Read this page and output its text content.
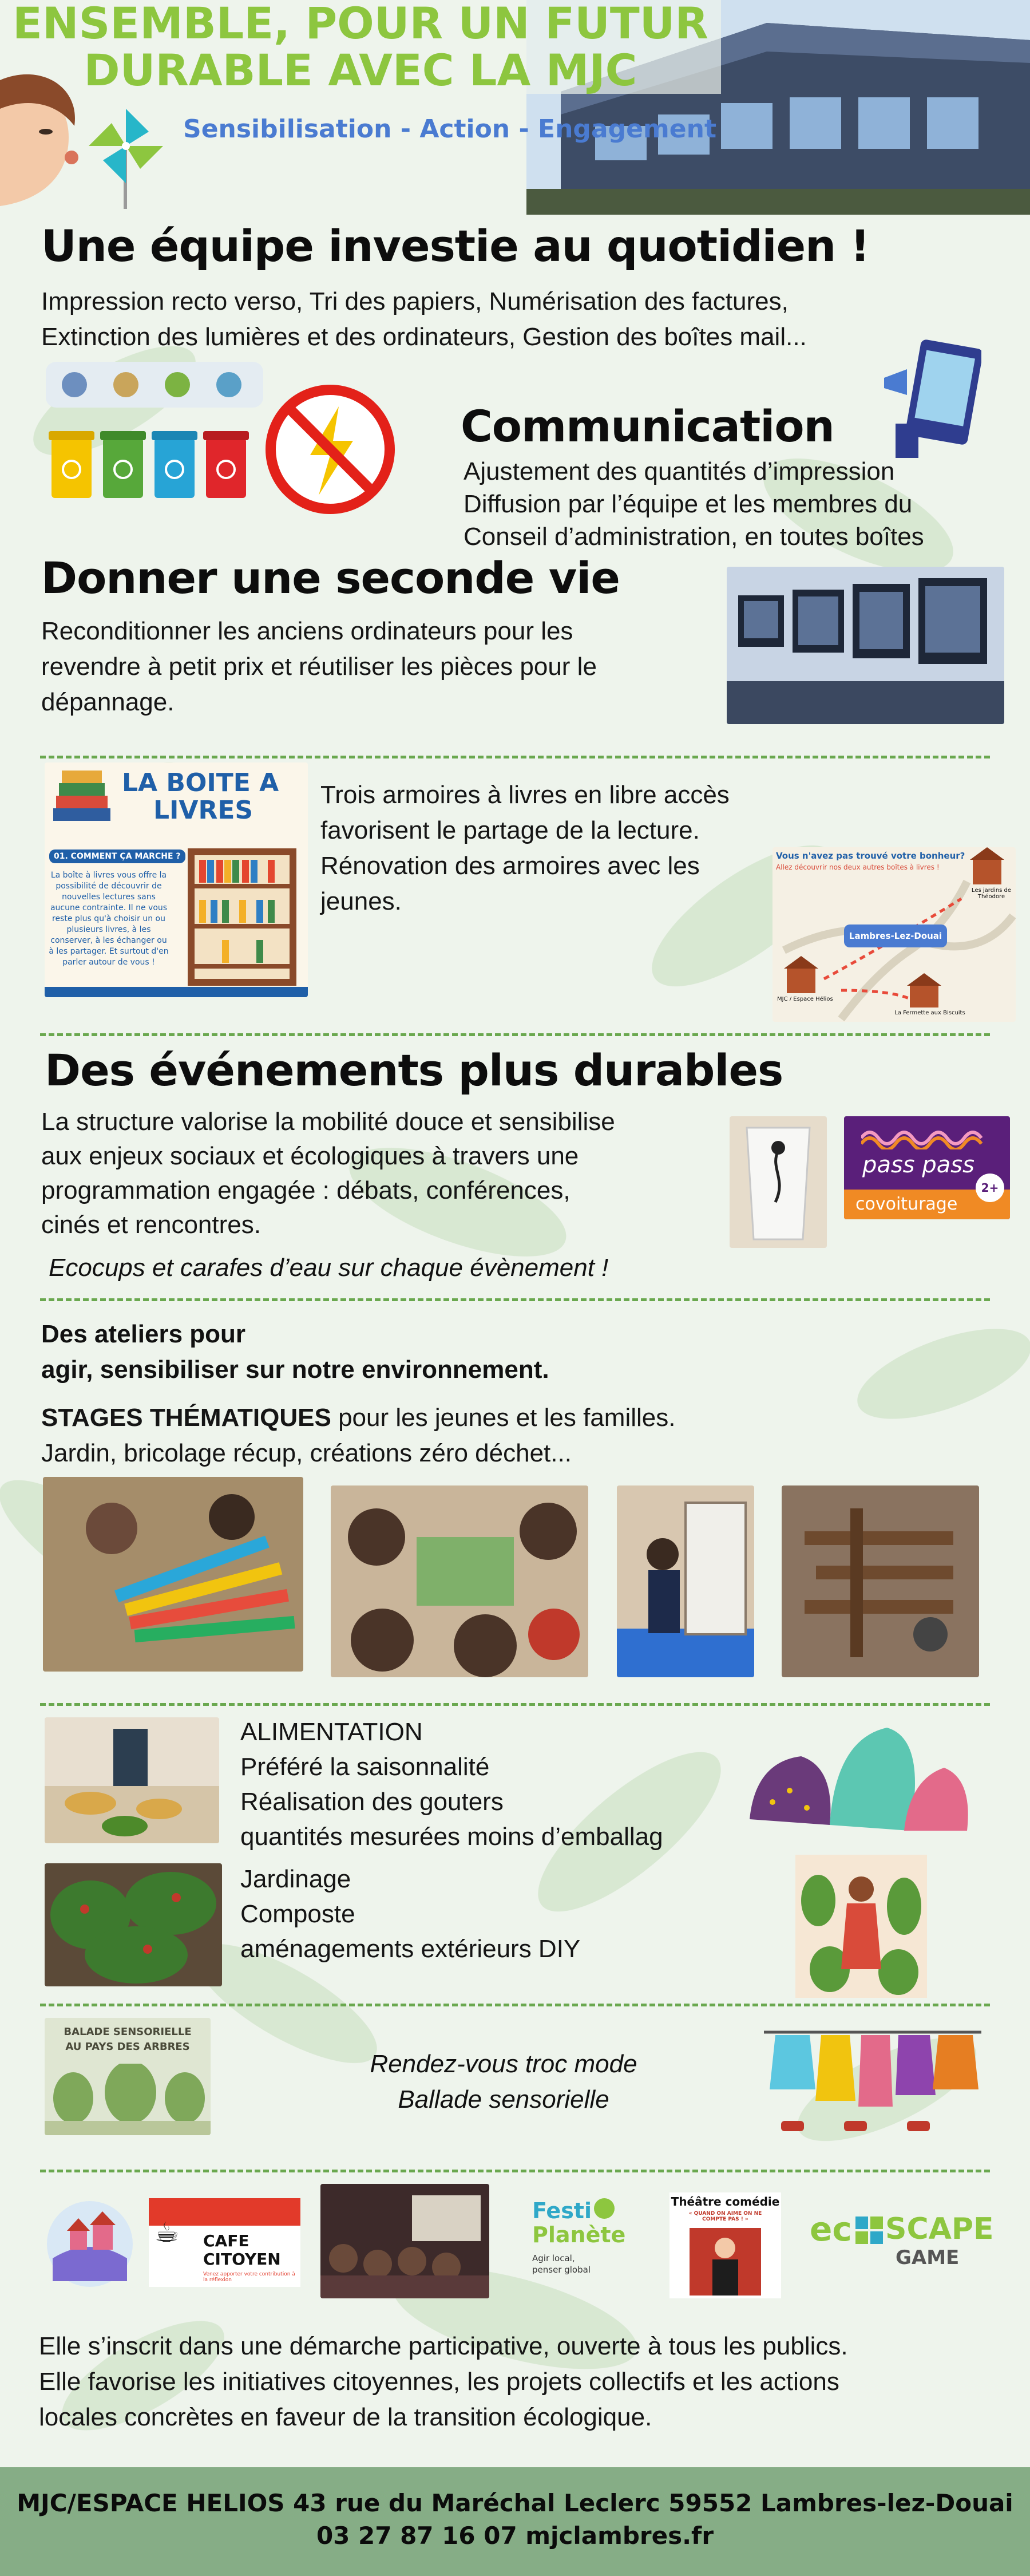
ENSEMBLE, POUR UN FUTUR
DURABLE AVEC LA MJC
Sensibilisation - Action - Engagement
Une équipe investie au quotidien !
Impression recto verso, Tri des papiers, Numérisation des factures,
Extinction des lumières et des ordinateurs, Gestion des boîtes mail...
Communication
Ajustement des quantités d’impression
Diffusion par l’équipe et les membres du
Conseil d’administration, en toutes boîtes
Donner une seconde vie
Reconditionner les anciens ordinateurs pour les
revendre à petit prix et réutiliser les pièces pour le
dépannage.
LA BOITE A
LIVRES
01. COMMENT ÇA MARCHE ?
La boîte à livres vous offre la possibilité de découvrir de nouvelles lectures sans aucune contrainte. Il ne vous reste plus qu'à choisir un ou plusieurs livres, à les conserver, à les échanger ou à les partager. Et surtout d'en parler autour de vous !
Trois armoires à livres en libre accès
favorisent le partage de la lecture.
Rénovation des armoires avec les
jeunes.
Vous n'avez pas trouvé votre bonheur?
Allez découvrir nos deux autres boîtes à livres !
Lambres-Lez-Douai
Les jardins de Théodore
MJC / Espace Hélios
La Fermette aux Biscuits
Des événements plus durables
La structure valorise la mobilité douce et sensibilise
aux enjeux sociaux et écologiques à travers une
programmation engagée : débats, conférences,
cinés et rencontres.
Ecocups et carafes d’eau sur chaque évènement !
pass pass
covoiturage
2+
Des ateliers pour
agir, sensibiliser sur notre environnement.
STAGES THÉMATIQUES pour les jeunes et les familles.
Jardin, bricolage récup, créations zéro déchet...
ALIMENTATION
Préféré la saisonnalité
Réalisation des gouters
quantités mesurées moins d’emballag
Jardinage
Composte
aménagements extérieurs DIY
BALADE SENSORIELLE
AU PAYS DES ARBRES
Rendez-vous troc mode
Ballade sensorielle
☕	CAFE
CITOYEN
Venez apporter votre contribution à la réflexion
Festi
Planète
Agir local,
penser global
Théâtre comédie
« QUAND ON AIME ON NE COMPTE PAS ! »	ec SCAPE
GAME
Elle s’inscrit dans une démarche participative, ouverte à tous les publics.
Elle favorise les initiatives citoyennes, les projets collectifs et les actions
locales concrètes en faveur de la transition écologique.
MJC/ESPACE HELIOS 43 rue du Maréchal Leclerc 59552 Lambres-lez-Douai
03 27 87 16 07 mjclambres.fr
